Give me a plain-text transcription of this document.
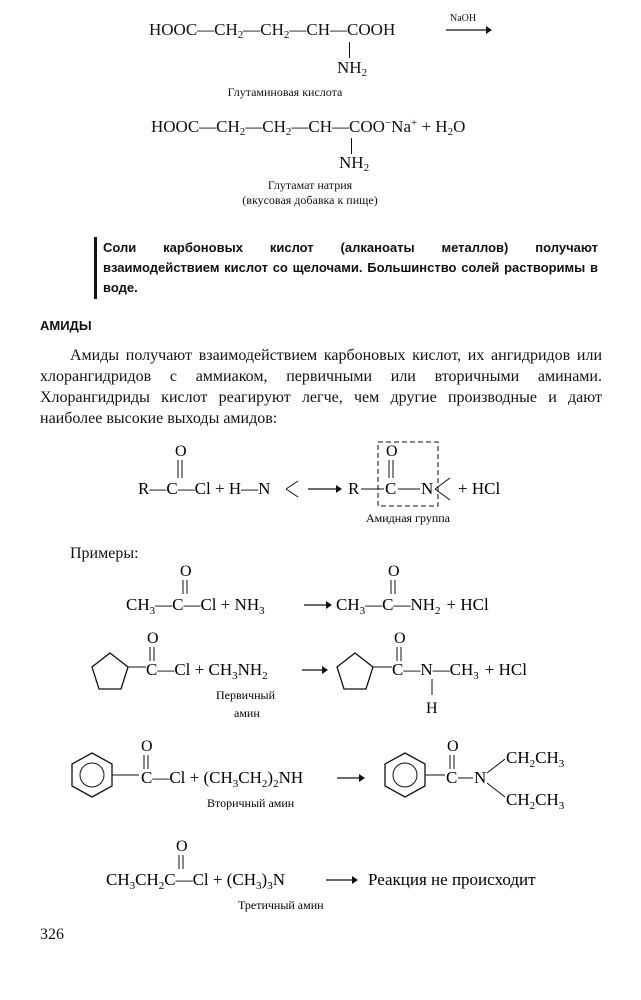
$HOOC—CH_2—CH_2—CH—COOH$
NaOH
$NH_2$
Глутаминовая кислота
$HOOC—CH_2—CH_2—CH—COO^-Na^+ + H_2O$
$NH_2$
Глутамат натрия
(вкусовая добавка к пище)
Соли карбоновых кислот (алканоаты металлов) получают взаимодействием кислот со щелочами. Большинство солей растворимы в воде.
АМИДЫ
Амиды получают взаимодействием карбоновых кислот, их ангидридов или хлорангидридов с аммиаком, первичными или вторичными аминами. Хлорангидриды кислот реагируют легче, чем другие производные и дают наиболее высокие выходы амидов:
O
R—C—Cl + H—N	R C
O
N + HCl
Амидная группа
Примеры:
O
$CH_3—C—Cl + NH_3$
O
$CH_3—C—NH_2$ + HCl
O
C—Cl + $CH_3NH_2$
O
$C—N—CH_3$ + HCl
H
Первичный
амин
O
C—Cl + $(CH_3CH_2)_2NH$
O
C N
$CH_2CH_3$
$CH_2CH_3$
Вторичный амин
O
$CH_3CH_2C—Cl + (CH_3)_3N$	Реакция не происходит
Третичный амин
326
